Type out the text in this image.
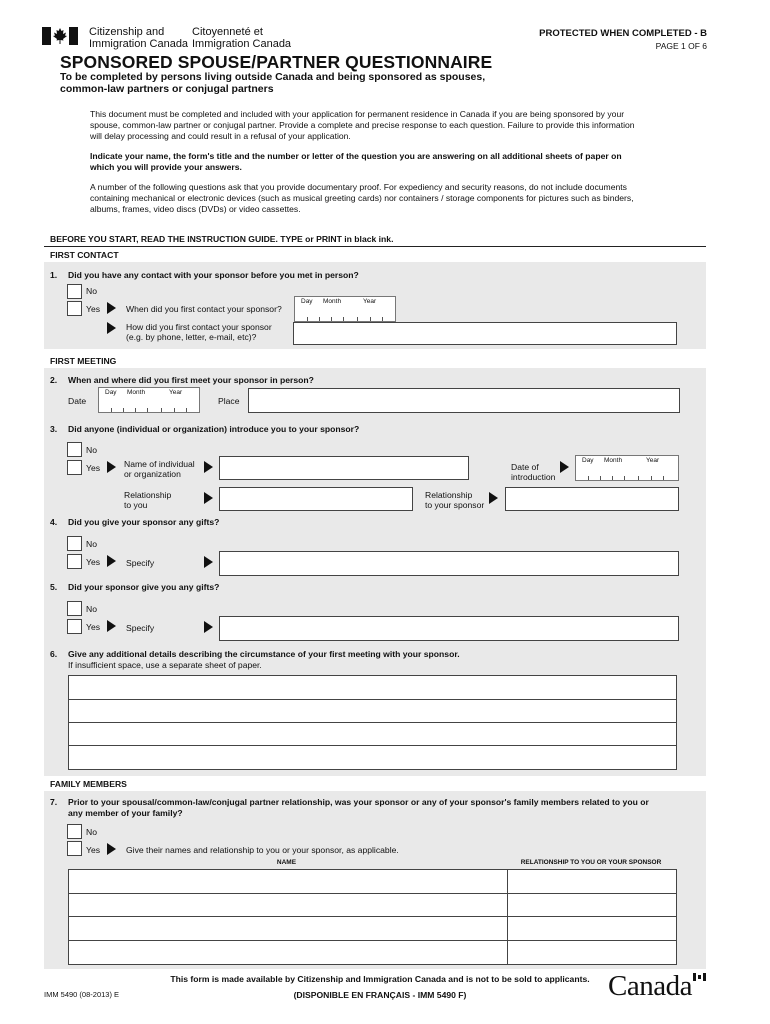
Citizenship and
Immigration Canada
Citoyenneté et
Immigration Canada
PROTECTED WHEN COMPLETED - B
PAGE 1 OF 6
SPONSORED SPOUSE/PARTNER QUESTIONNAIRE
To be completed by persons living outside Canada and being sponsored as spouses,
common-law partners or conjugal partners
This document must be completed and included with your application for permanent residence in Canada if you are being sponsored by your
spouse, common-law partner or conjugal partner. Provide a complete and precise response to each question. Failure to provide this information
will delay processing and could result in a refusal of your application.
Indicate your name, the form's title and the number or letter of the question you are answering on all additional sheets of paper on
which you will provide your answers.
A number of the following questions ask that you provide documentary proof. For expediency and security reasons, do not include documents
containing mechanical or electronic devices (such as musical greeting cards) nor containers / storage components for pictures such as binders,
albums, frames, video discs (DVDs) or video cassettes.
BEFORE YOU START, READ THE INSTRUCTION GUIDE. TYPE or PRINT in black ink.
FIRST CONTACT
1. Did you have any contact with your sponsor before you met in person?
No
Yes	When did you first contact your sponsor?
Day Month	Year
How did you first contact your sponsor
(e.g. by phone, letter, e-mail, etc)?
FIRST MEETING
2. When and where did you first meet your sponsor in person?
Date
Day Month	Year
Place
3. Did anyone (individual or organization) introduce you to your sponsor?
No
Yes	Name of individual
or organization
Date of
introduction
Day Month	Year
Relationship
to you
Relationship
to your sponsor
4. Did you give your sponsor any gifts?
No
Yes	Specify
5. Did your sponsor give you any gifts?
No
Yes	Specify
6. Give any additional details describing the circumstance of your first meeting with your sponsor.
If insufficient space, use a separate sheet of paper.
FAMILY MEMBERS
7. Prior to your spousal/common-law/conjugal partner relationship, was your sponsor or any of your sponsor's family members related to you or
any member of your family?
No
Yes	Give their names and relationship to you or your sponsor, as applicable.
NAME	RELATIONSHIP TO YOU OR YOUR SPONSOR
This form is made available by Citizenship and Immigration Canada and is not to be sold to applicants.
(DISPONIBLE EN FRANÇAIS - IMM 5490 F)
IMM 5490 (08-2013) E	Canada
